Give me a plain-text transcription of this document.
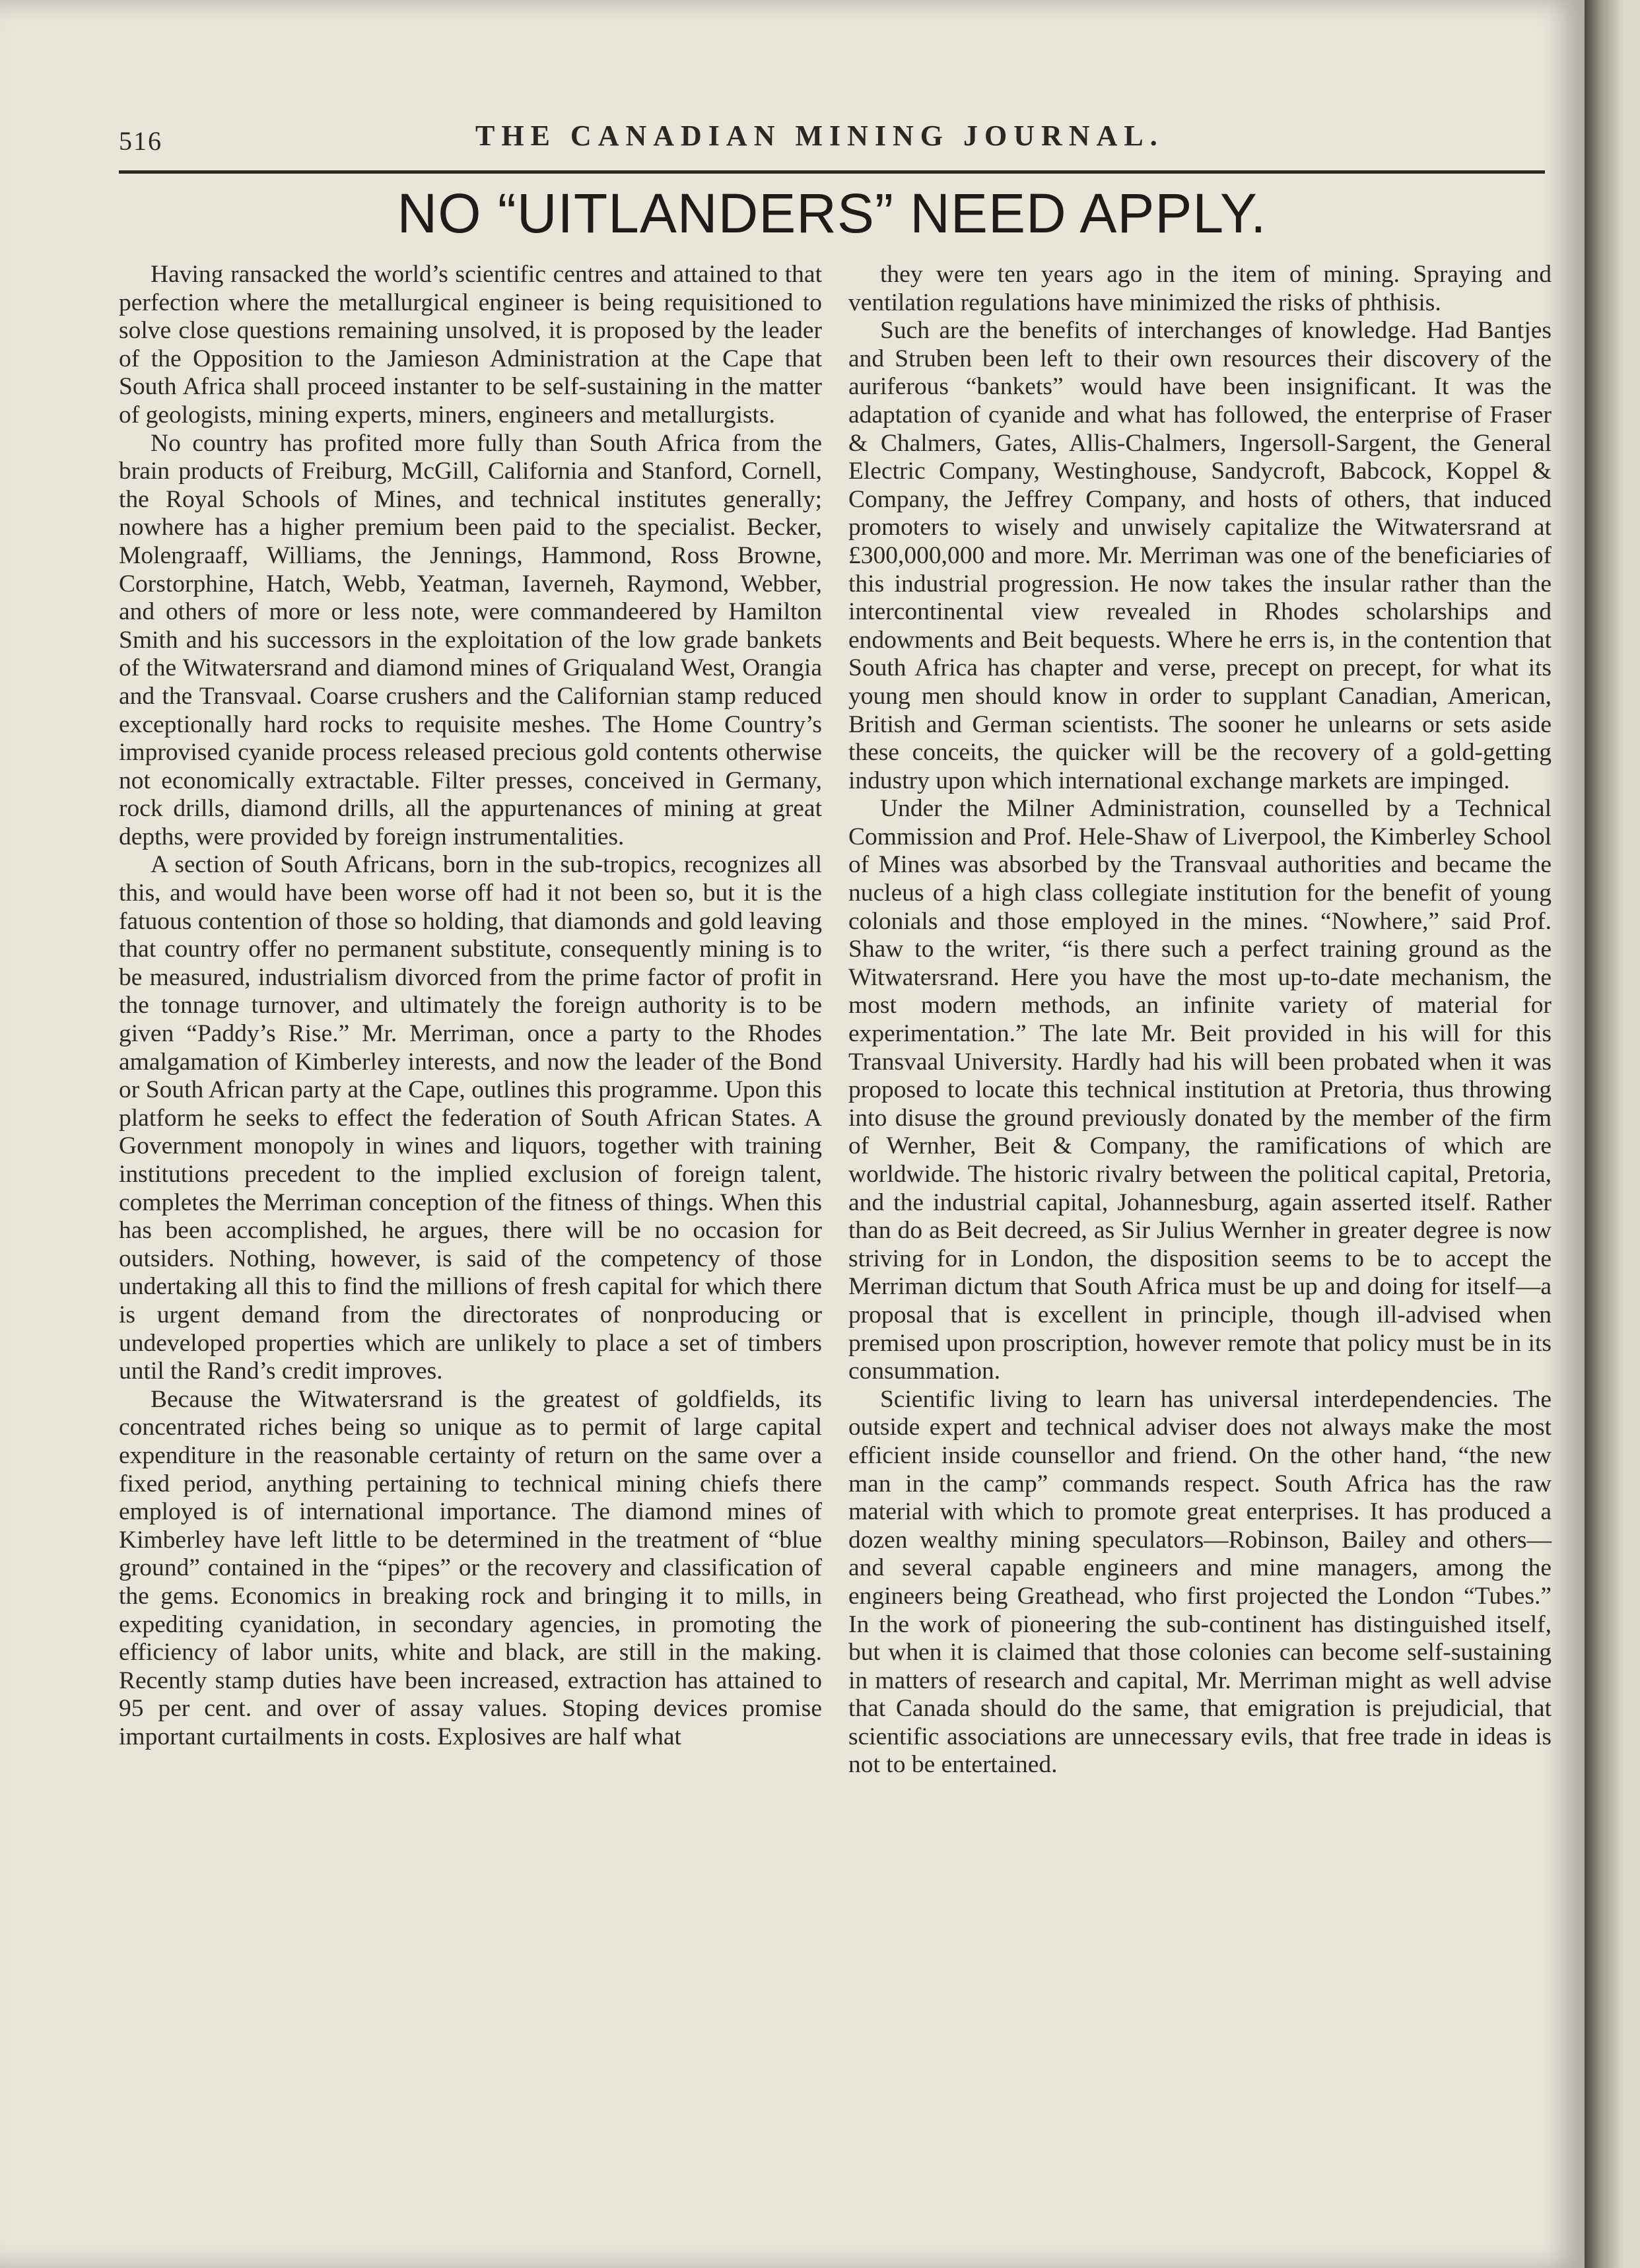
516	THE CANADIAN MINING JOURNAL.
NO “UITLANDERS” NEED APPLY.

Having ransacked the world’s scientific centres and attained to that perfection where the metallurgical engineer is being requisitioned to solve close questions remaining unsolved, it is proposed by the leader of the Opposition to the Jamieson Administration at the Cape that South Africa shall proceed instanter to be self-sustaining in the matter of geologists, mining experts, miners, engineers and metallurgists.

No country has profited more fully than South Africa from the brain products of Freiburg, McGill, California and Stanford, Cornell, the Royal Schools of Mines, and technical institutes generally; nowhere has a higher premium been paid to the specialist. Becker, Molengraaff, Williams, the Jennings, Hammond, Ross Browne, Corstorphine, Hatch, Webb, Yeatman, Iaverneh, Raymond, Webber, and others of more or less note, were commandeered by Hamilton Smith and his successors in the exploitation of the low grade bankets of the Witwatersrand and diamond mines of Griqualand West, Orangia and the Transvaal. Coarse crushers and the Californian stamp reduced exceptionally hard rocks to requisite meshes. The Home Country’s improvised cyanide process released precious gold contents otherwise not economically extractable. Filter presses, conceived in Germany, rock drills, diamond drills, all the appurtenances of mining at great depths, were provided by foreign instrumentalities.

A section of South Africans, born in the sub-tropics, recognizes all this, and would have been worse off had it not been so, but it is the fatuous contention of those so holding, that diamonds and gold leaving that country offer no permanent substitute, consequently mining is to be measured, industrialism divorced from the prime factor of profit in the tonnage turnover, and ultimately the foreign authority is to be given “Paddy’s Rise.” Mr. Merriman, once a party to the Rhodes amalgamation of Kimberley interests, and now the leader of the Bond or South African party at the Cape, outlines this programme. Upon this platform he seeks to effect the federation of South African States. A Government monopoly in wines and liquors, together with training institutions precedent to the implied exclusion of foreign talent, completes the Merriman conception of the fitness of things. When this has been accomplished, he argues, there will be no occasion for outsiders. Nothing, however, is said of the competency of those undertaking all this to find the millions of fresh capital for which there is urgent demand from the directorates of nonproducing or undeveloped properties which are unlikely to place a set of timbers until the Rand’s credit improves.

Because the Witwatersrand is the greatest of goldfields, its concentrated riches being so unique as to permit of large capital expenditure in the reasonable certainty of return on the same over a fixed period, anything pertaining to technical mining chiefs there employed is of international importance. The diamond mines of Kimberley have left little to be determined in the treatment of “blue ground” contained in the “pipes” or the recovery and classification of the gems. Economics in breaking rock and bringing it to mills, in expediting cyanidation, in secondary agencies, in promoting the efficiency of labor units, white and black, are still in the making. Recently stamp duties have been increased, extraction has attained to 95 per cent. and over of assay values. Stoping devices promise important curtailments in costs. Explosives are half what

they were ten years ago in the item of mining. Spraying and ventilation regulations have minimized the risks of phthisis.

Such are the benefits of interchanges of knowledge. Had Bantjes and Struben been left to their own resources their discovery of the auriferous “bankets” would have been insignificant. It was the adaptation of cyanide and what has followed, the enterprise of Fraser & Chalmers, Gates, Allis-Chalmers, Ingersoll-Sargent, the General Electric Company, Westinghouse, Sandycroft, Babcock, Koppel & Company, the Jeffrey Company, and hosts of others, that induced promoters to wisely and unwisely capitalize the Witwatersrand at £300,000,000 and more. Mr. Merriman was one of the beneficiaries of this industrial progression. He now takes the insular rather than the intercontinental view revealed in Rhodes scholarships and endowments and Beit bequests. Where he errs is, in the contention that South Africa has chapter and verse, precept on precept, for what its young men should know in order to supplant Canadian, American, British and German scientists. The sooner he unlearns or sets aside these conceits, the quicker will be the recovery of a gold-getting industry upon which international exchange markets are impinged.

Under the Milner Administration, counselled by a Technical Commission and Prof. Hele-Shaw of Liverpool, the Kimberley School of Mines was absorbed by the Transvaal authorities and became the nucleus of a high class collegiate institution for the benefit of young colonials and those employed in the mines. “Nowhere,” said Prof. Shaw to the writer, “is there such a perfect training ground as the Witwatersrand. Here you have the most up-to-date mechanism, the most modern methods, an infinite variety of material for experimentation.” The late Mr. Beit provided in his will for this Transvaal University. Hardly had his will been probated when it was proposed to locate this technical institution at Pretoria, thus throwing into disuse the ground previously donated by the member of the firm of Wernher, Beit & Company, the ramifications of which are worldwide. The historic rivalry between the political capital, Pretoria, and the industrial capital, Johannesburg, again asserted itself. Rather than do as Beit decreed, as Sir Julius Wernher in greater degree is now striving for in London, the disposition seems to be to accept the Merriman dictum that South Africa must be up and doing for itself—a proposal that is excellent in principle, though ill-advised when premised upon proscription, however remote that policy must be in its consummation.

Scientific living to learn has universal interdependencies. The outside expert and technical adviser does not always make the most efficient inside counsellor and friend. On the other hand, “the new man in the camp” commands respect. South Africa has the raw material with which to promote great enterprises. It has produced a dozen wealthy mining speculators—Robinson, Bailey and others—and several capable engineers and mine managers, among the engineers being Greathead, who first projected the London “Tubes.” In the work of pioneering the sub-continent has distinguished itself, but when it is claimed that those colonies can become self-sustaining in matters of research and capital, Mr. Merriman might as well advise that Canada should do the same, that emigration is prejudicial, that scientific associations are unnecessary evils, that free trade in ideas is not to be entertained.
